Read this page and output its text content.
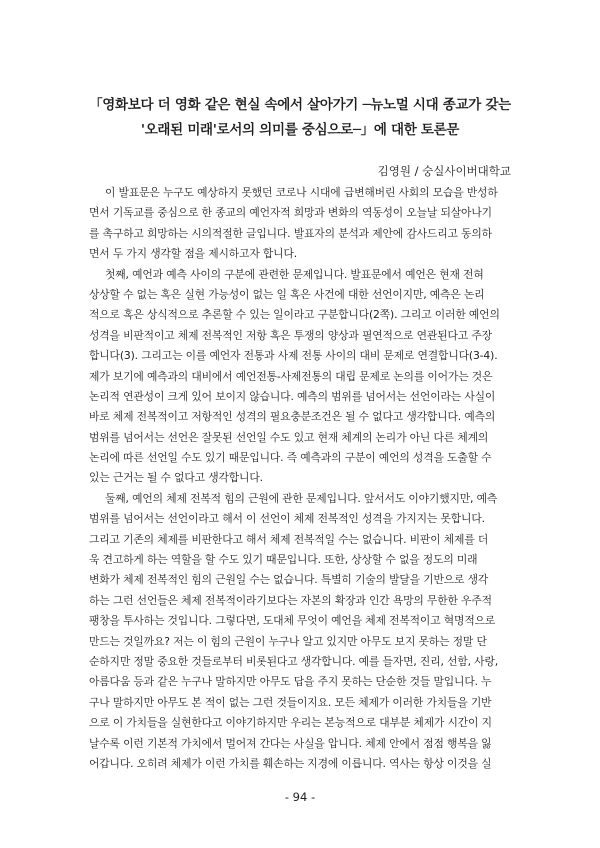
「영화보다 더 영화 같은 현실 속에서 살아가기 ─뉴노멀 시대 종교가 갖는
'오래된 미래'로서의 의미를 중심으로─」에 대한 토론문
김영원 / 숭실사이버대학교
이 발표문은 누구도 예상하지 못했던 코로나 시대에 급변해버린 사회의 모습을 반성하
면서 기독교를 중심으로 한 종교의 예언자적 희망과 변화의 역동성이 오늘날 되살아나기
를 촉구하고 희망하는 시의적절한 글입니다. 발표자의 분석과 제안에 감사드리고 동의하
면서 두 가지 생각할 점을 제시하고자 합니다.
첫째, 예언과 예측 사이의 구분에 관련한 문제입니다. 발표문에서 예언은 현재 전혀
상상할 수 없는 혹은 실현 가능성이 없는 일 혹은 사건에 대한 선언이지만, 예측은 논리
적으로 혹은 상식적으로 추론할 수 있는 일이라고 구분합니다(2쪽). 그리고 이러한 예언의
성격을 비판적이고 체제 전복적인 저항 혹은 투쟁의 양상과 필연적으로 연관된다고 주장
합니다(3). 그리고는 이를 예언자 전통과 사제 전통 사이의 대비 문제로 연결합니다(3-4).
제가 보기에 예측과의 대비에서 예언전통-사제전통의 대립 문제로 논의를 이어가는 것은
논리적 연관성이 크게 있어 보이지 않습니다. 예측의 범위를 넘어서는 선언이라는 사실이
바로 체제 전복적이고 저항적인 성격의 필요충분조건은 될 수 없다고 생각합니다. 예측의
범위를 넘어서는 선언은 잘못된 선언일 수도 있고 현재 체계의 논리가 아닌 다른 체계의
논리에 따른 선언일 수도 있기 때문입니다. 즉 예측과의 구분이 예언의 성격을 도출할 수
있는 근거는 될 수 없다고 생각합니다.
둘째, 예언의 체제 전복적 힘의 근원에 관한 문제입니다. 앞서서도 이야기했지만, 예측
범위를 넘어서는 선언이라고 해서 이 선언이 체제 전복적인 성격을 가지지는 못합니다.
그리고 기존의 체제를 비판한다고 해서 체제 전복적일 수는 없습니다. 비판이 체제를 더
욱 견고하게 하는 역할을 할 수도 있기 때문입니다. 또한, 상상할 수 없을 정도의 미래
변화가 체제 전복적인 힘의 근원일 수는 없습니다. 특별히 기술의 발달을 기반으로 생각
하는 그런 선언들은 체제 전복적이라기보다는 자본의 확장과 인간 욕망의 무한한 우주적
팽창을 투사하는 것입니다. 그렇다면, 도대체 무엇이 예언을 체제 전복적이고 혁명적으로
만드는 것일까요? 저는 이 힘의 근원이 누구나 알고 있지만 아무도 보지 못하는 정말 단
순하지만 정말 중요한 것들로부터 비롯된다고 생각합니다. 예를 들자면, 진리, 선함, 사랑,
아름다움 등과 같은 누구나 말하지만 아무도 답을 주지 못하는 단순한 것들 말입니다. 누
구나 말하지만 아무도 본 적이 없는 그런 것들이지요. 모든 체제가 이러한 가치들을 기반
으로 이 가치들을 실현한다고 이야기하지만 우리는 본능적으로 대부분 체제가 시간이 지
날수록 이런 기본적 가치에서 멀어져 간다는 사실을 압니다. 체제 안에서 점점 행복을 잃
어갑니다. 오히려 체제가 이런 가치를 훼손하는 지경에 이릅니다. 역사는 항상 이것을 실
- 94 -
